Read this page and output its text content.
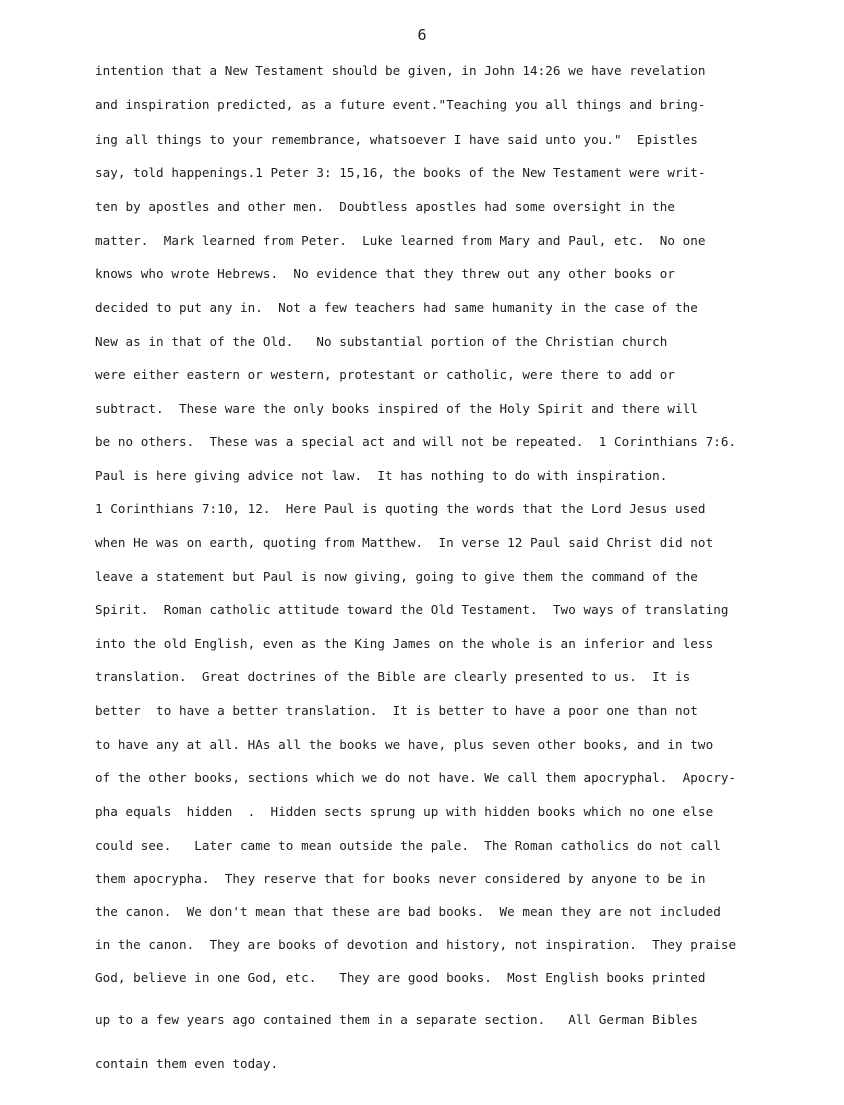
6
intention that a New Testament should be given, in John 14:26 we have revelation
and inspiration predicted, as a future event."Teaching you all things and bring-
ing all things to your remembrance, whatsoever I have said unto you."  Epistles
say, told happenings.1 Peter 3: 15,16, the books of the New Testament were writ-
ten by apostles and other men.  Doubtless apostles had some oversight in the
matter.  Mark learned from Peter.  Luke learned from Mary and Paul, etc.  No one
knows who wrote Hebrews.  No evidence that they threw out any other books or
decided to put any in.  Not a few teachers had same humanity in the case of the
New as in that of the Old.   No substantial portion of the Christian church
were either eastern or western, protestant or catholic, were there to add or
subtract.  These ware the only books inspired of the Holy Spirit and there will
be no others.  These was a special act and will not be repeated.  1 Corinthians 7:6.
Paul is here giving advice not law.  It has nothing to do with inspiration.
1 Corinthians 7:10, 12.  Here Paul is quoting the words that the Lord Jesus used
when He was on earth, quoting from Matthew.  In verse 12 Paul said Christ did not
leave a statement but Paul is now giving, going to give them the command of the
Spirit.  Roman catholic attitude toward the Old Testament.  Two ways of translating
into the old English, even as the King James on the whole is an inferior and less
translation.  Great doctrines of the Bible are clearly presented to us.  It is
better  to have a better translation.  It is better to have a poor one than not
to have any at all. HAs all the books we have, plus seven other books, and in two
of the other books, sections which we do not have. We call them apocryphal.  Apocry-
pha equals  hidden  .  Hidden sects sprung up with hidden books which no one else
could see.   Later came to mean outside the pale.  The Roman catholics do not call
them apocrypha.  They reserve that for books never considered by anyone to be in
the canon.  We don't mean that these are bad books.  We mean they are not included
in the canon.  They are books of devotion and history, not inspiration.  They praise
God, believe in one God, etc.   They are good books.  Most English books printed
up to a few years ago contained them in a separate section.   All German Bibles
contain them even today.
